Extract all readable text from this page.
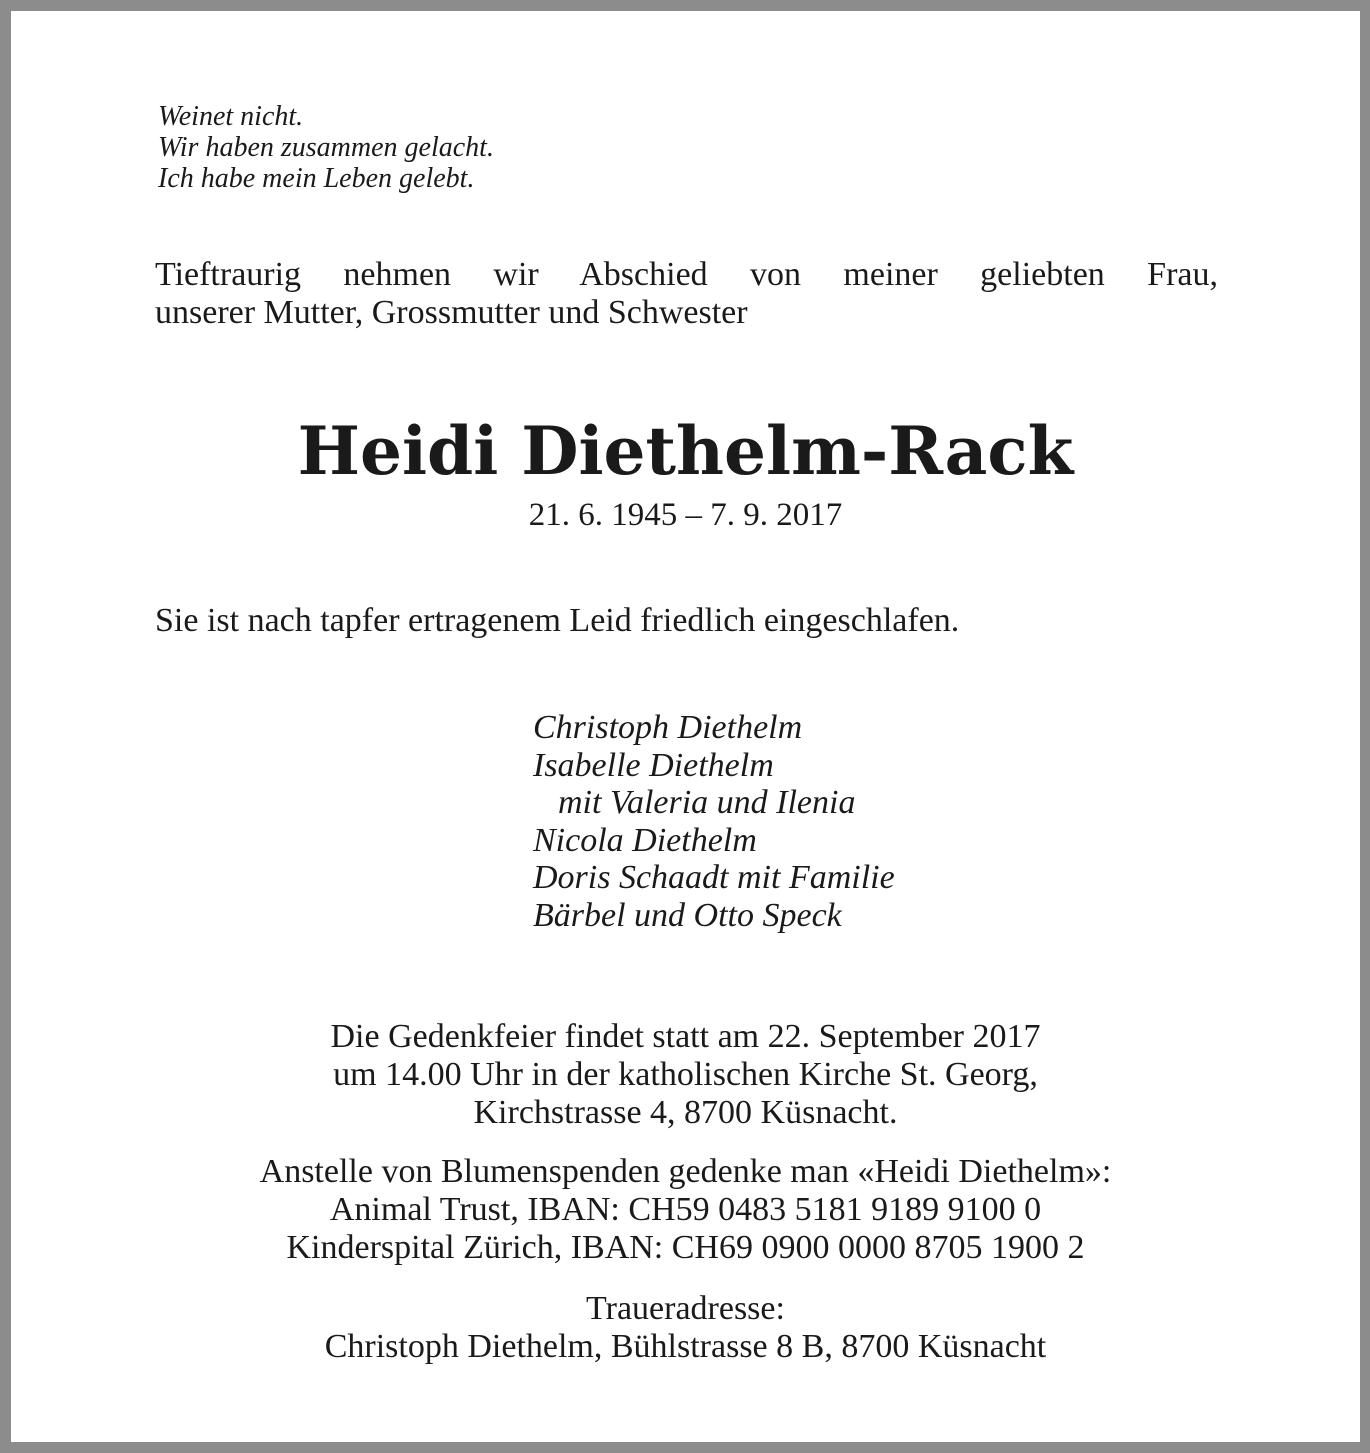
Weinet nicht.
Wir haben zusammen gelacht.
Ich habe mein Leben gelebt.
Tieftraurig nehmen wir Abschied von meiner geliebten Frau,
unserer Mutter, Grossmutter und Schwester
Heidi Diethelm-Rack
21. 6. 1945 – 7. 9. 2017
Sie ist nach tapfer ertragenem Leid friedlich eingeschlafen.
Christoph Diethelm
Isabelle Diethelm
mit Valeria und Ilenia
Nicola Diethelm
Doris Schaadt mit Familie
Bärbel und Otto Speck
Die Gedenkfeier findet statt am 22. September 2017
um 14.00 Uhr in der katholischen Kirche St. Georg,
Kirchstrasse 4, 8700 Küsnacht.
Anstelle von Blumenspenden gedenke man «Heidi Diethelm»:
Animal Trust, IBAN: CH59 0483 5181 9189 9100 0
Kinderspital Zürich, IBAN: CH69 0900 0000 8705 1900 2
Traueradresse:
Christoph Diethelm, Bühlstrasse 8 B, 8700 Küsnacht
